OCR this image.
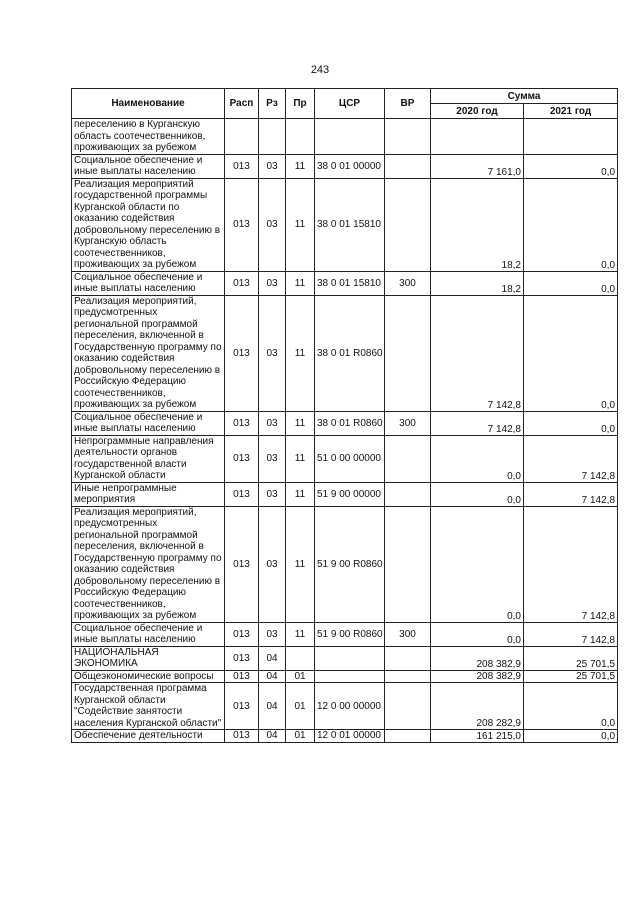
243
Наименование	Расп	Рз	Пр	ЦСР	ВР	Сумма	
						2020 год	2021 год
переселению в Курганскую область соотечественников, проживающих за рубежом							
Социальное обеспечение и иные выплаты населению	013	03	11	38 0 01 00000		7 161,0	0,0
Реализация мероприятий государственной программы Курганской области по оказанию содействия добровольному переселению в Курганскую область соотечественников, проживающих за рубежом	013	03	11	38 0 01 15810		18,2	0,0
Социальное обеспечение и иные выплаты населению	013	03	11	38 0 01 15810	300	18,2	0,0
Реализация мероприятий, предусмотренных региональной программой переселения, включенной в Государственную программу по оказанию содействия добровольному переселению в Российскую Федерацию соотечественников, проживающих за рубежом	013	03	11	38 0 01 R0860		7 142,8	0,0
Социальное обеспечение и иные выплаты населению	013	03	11	38 0 01 R0860	300	7 142,8	0,0
Непрограммные направления деятельности органов государственной власти Курганской области	013	03	11	51 0 00 00000		0,0	7 142,8
Иные непрограммные мероприятия	013	03	11	51 9 00 00000		0,0	7 142,8
Реализация мероприятий, предусмотренных региональной программой переселения, включенной в Государственную программу по оказанию содействия добровольному переселению в Российскую Федерацию соотечественников, проживающих за рубежом	013	03	11	51 9 00 R0860		0,0	7 142,8
Социальное обеспечение и иные выплаты населению	013	03	11	51 9 00 R0860	300	0,0	7 142,8
НАЦИОНАЛЬНАЯ ЭКОНОМИКА	013	04				208 382,9	25 701,5
Общеэкономические вопросы	013	04	01			208 382,9	25 701,5
Государственная программа Курганской области "Содействие занятости населения Курганской области"	013	04	01	12 0 00 00000		208 282,9	0,0
Обеспечение деятельности	013	04	01	12 0 01 00000		161 215,0	0,0
